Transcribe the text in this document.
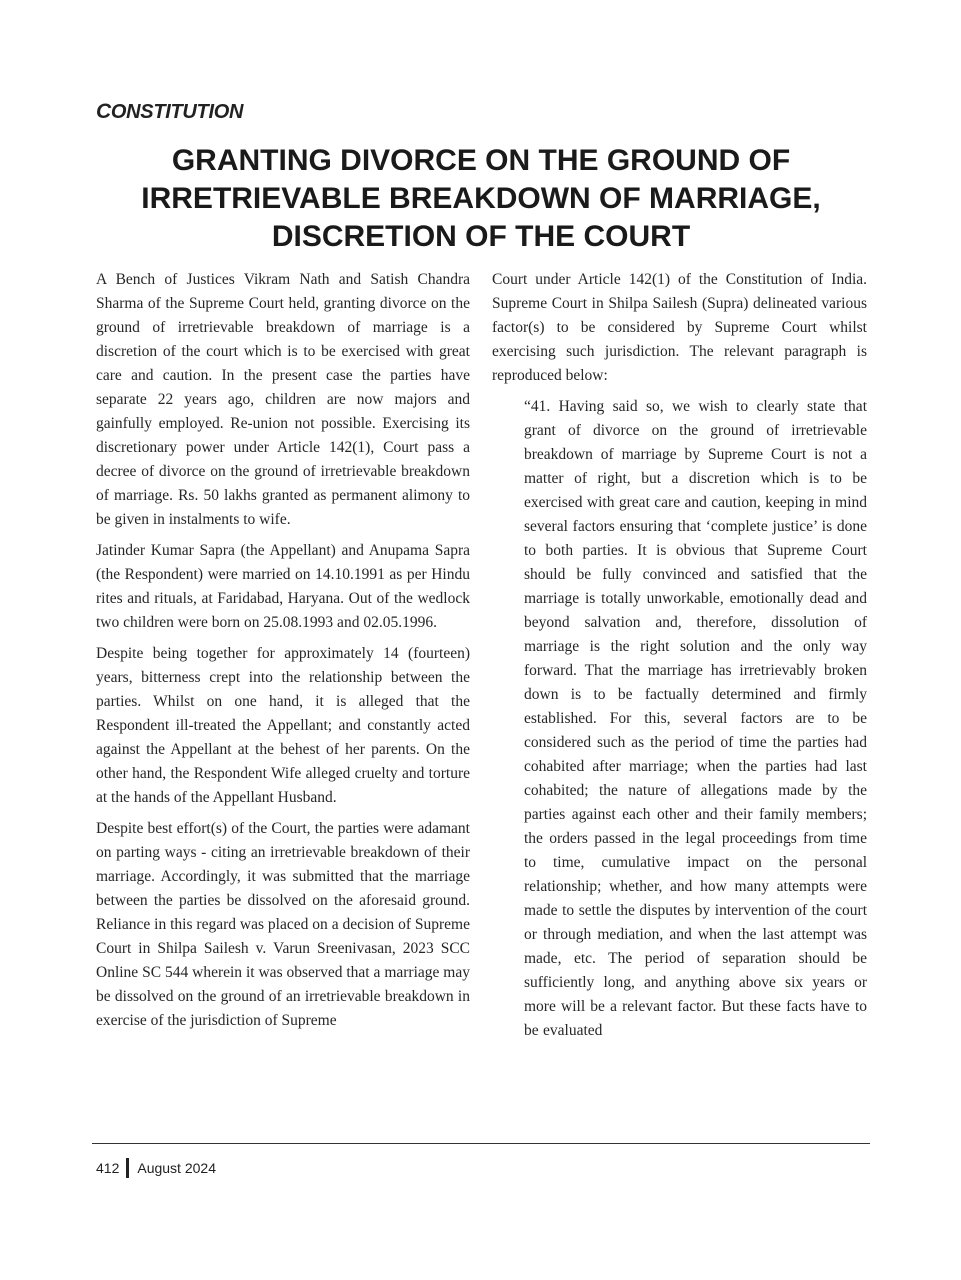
CONSTITUTION
GRANTING DIVORCE ON THE GROUND OF
IRRETRIEVABLE BREAKDOWN OF MARRIAGE,
DISCRETION OF THE COURT

A Bench of Justices Vikram Nath and Satish Chandra Sharma of the Supreme Court held, granting divorce on the ground of irretrievable breakdown of marriage is a discretion of the court which is to be exercised with great care and caution. In the present case the parties have separate 22 years ago, children are now majors and gainfully employed. Re-union not possible. Exercising its discretionary power under Article 142(1), Court pass a decree of divorce on the ground of irretrievable breakdown of marriage. Rs. 50 lakhs granted as permanent alimony to be given in instalments to wife.

Jatinder Kumar Sapra (the Appellant) and Anupama Sapra (the Respondent) were married on 14.10.1991 as per Hindu rites and rituals, at Faridabad, Haryana. Out of the wedlock two children were born on 25.08.1993 and 02.05.1996.

Despite being together for approximately 14 (fourteen) years, bitterness crept into the relationship between the parties. Whilst on one hand, it is alleged that the Respondent ill-treated the Appellant; and constantly acted against the Appellant at the behest of her parents. On the other hand, the Respondent Wife alleged cruelty and torture at the hands of the Appellant Husband.

Despite best effort(s) of the Court, the parties were adamant on parting ways - citing an irretrievable breakdown of their marriage. Accordingly, it was submitted that the marriage between the parties be dissolved on the aforesaid ground. Reliance in this regard was placed on a decision of Supreme Court in Shilpa Sailesh v. Varun Sreenivasan, 2023 SCC Online SC 544 wherein it was observed that a marriage may be dissolved on the ground of an irretrievable breakdown in exercise of the jurisdiction of Supreme

Court under Article 142(1) of the Constitution of India. Supreme Court in Shilpa Sailesh (Supra) delineated various factor(s) to be considered by Supreme Court whilst exercising such jurisdiction. The relevant paragraph is reproduced below:

“41. Having said so, we wish to clearly state that grant of divorce on the ground of irretrievable breakdown of marriage by Supreme Court is not a matter of right, but a discretion which is to be exercised with great care and caution, keeping in mind several factors ensuring that ‘complete justice’ is done to both parties. It is obvious that Supreme Court should be fully convinced and satisfied that the marriage is totally unworkable, emotionally dead and beyond salvation and, therefore, dissolution of marriage is the right solution and the only way forward. That the marriage has irretrievably broken down is to be factually determined and firmly established. For this, several factors are to be considered such as the period of time the parties had cohabited after marriage; when the parties had last cohabited; the nature of allegations made by the parties against each other and their family members; the orders passed in the legal proceedings from time to time, cumulative impact on the personal relationship; whether, and how many attempts were made to settle the disputes by intervention of the court or through mediation, and when the last attempt was made, etc. The period of separation should be sufficiently long, and anything above six years or more will be a relevant factor. But these facts have to be evaluated

412 August 2024
